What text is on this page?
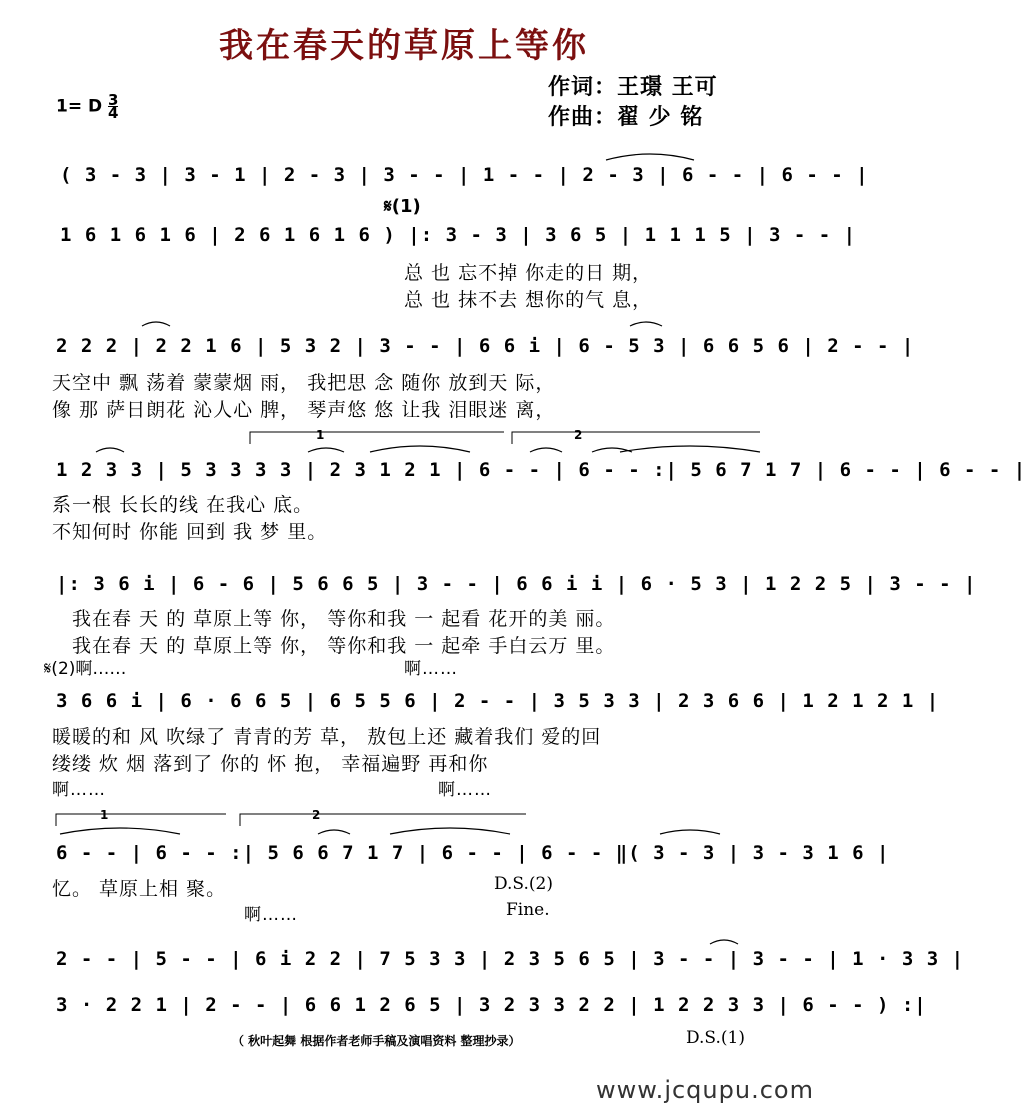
我在春天的草原上等你
作词：王璟 王可
作曲：翟 少 铭
1= D $\frac{3}{4}$
( 3 - 3 | 3 - 1 | 2 - 3 | 3 - - | 1 - - | 2 - 3 | 6 - - | 6 - - |
𝄋(1)
1 6 1 6 1 6 | 2 6 1 6 1 6 ) |: 3 - 3 | 3 6 5 | 1 1 1 5 | 3 - - |
总 也 忘不掉 你走的日 期，
总 也 抹不去 想你的气 息，
2 2 2 | 2 2 1 6 | 5 3 2 | 3 - - | 6 6 i | 6 - 5 3 | 6 6 5 6 | 2 - - |
天空中 飘 荡着 蒙蒙烟 雨， 我把思 念 随你 放到天 际，
像 那 萨日朗花 沁人心 脾， 琴声悠 悠 让我 泪眼迷 离，
1	2
1 2 3 3 | 5 3 3 3 3 | 2 3 1 2 1 | 6 - - | 6 - - :| 5 6 7 1 7 | 6 - - | 6 - - |
系一根 长长的线 在我心 底。
不知何时 你能 回到 我 梦 里。
|: 3 6 i | 6 - 6 | 5 6 6 5 | 3 - - | 6 6 i i | 6 · 5 3 | 1 2 2 5 | 3 - - |
我在春 天 的 草原上等 你， 等你和我 一 起看 花开的美 丽。
我在春 天 的 草原上等 你， 等你和我 一 起牵 手白云万 里。
𝄋(2)啊……	啊……
3 6 6 i | 6 · 6 6 5 | 6 5 5 6 | 2 - - | 3 5 3 3 | 2 3 6 6 | 1 2 1 2 1 |
暖暖的和 风 吹绿了 青青的芳 草， 敖包上还 藏着我们 爱的回
缕缕 炊 烟 落到了 你的 怀 抱， 幸福遍野 再和你
啊……	啊……
1	2
6 - - | 6 - - :| 5 6 6 7 1 7 | 6 - - | 6 - - ‖( 3 - 3 | 3 - 3 1 6 |
忆。 草原上相 聚。
啊……
D.S.(2)
Fine.
2 - - | 5 - - | 6 i 2 2 | 7 5 3 3 | 2 3 5 6 5 | 3 - - | 3 - - | 1 · 3 3 |
3 · 2 2 1 | 2 - - | 6 6 1 2 6 5 | 3 2 3 3 2 2 | 1 2 2 3 3 | 6 - - ) :|
（ 秋叶起舞 根据作者老师手稿及演唱资料 整理抄录）	D.S.(1)
www.jcqupu.com
